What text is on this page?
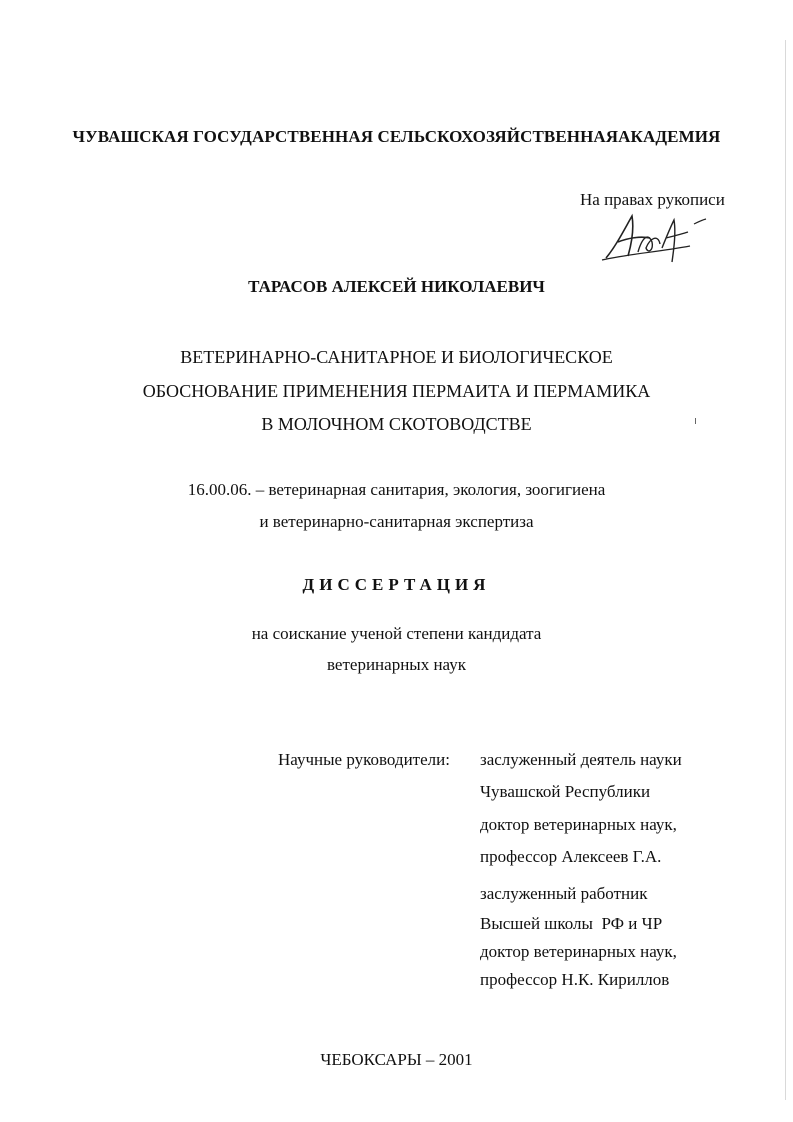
ЧУВАШСКАЯ ГОСУДАРСТВЕННАЯ СЕЛЬСКОХОЗЯЙСТВЕННАЯАКАДЕМИЯ
На правах рукописи
ТАРАСОВ АЛЕКСЕЙ НИКОЛАЕВИЧ
ВЕТЕРИНАРНО-САНИТАРНОЕ И БИОЛОГИЧЕСКОЕ
ОБОСНОВАНИЕ ПРИМЕНЕНИЯ ПЕРМАИТА И ПЕРМАМИКА
В МОЛОЧНОМ СКОТОВОДСТВЕ
16.00.06. – ветеринарная санитария, экология, зоогигиена
и ветеринарно-санитарная экспертиза
ДИССЕРТАЦИЯ
на соискание ученой степени кандидата
ветеринарных наук
Научные руководители: заслуженный деятель науки
Чувашской Республики
доктор ветеринарных наук,
профессор Алексеев Г.А.
заслуженный работник
Высшей школы  РФ и ЧР
доктор ветеринарных наук,
профессор Н.К. Кириллов
ЧЕБОКСАРЫ – 2001
